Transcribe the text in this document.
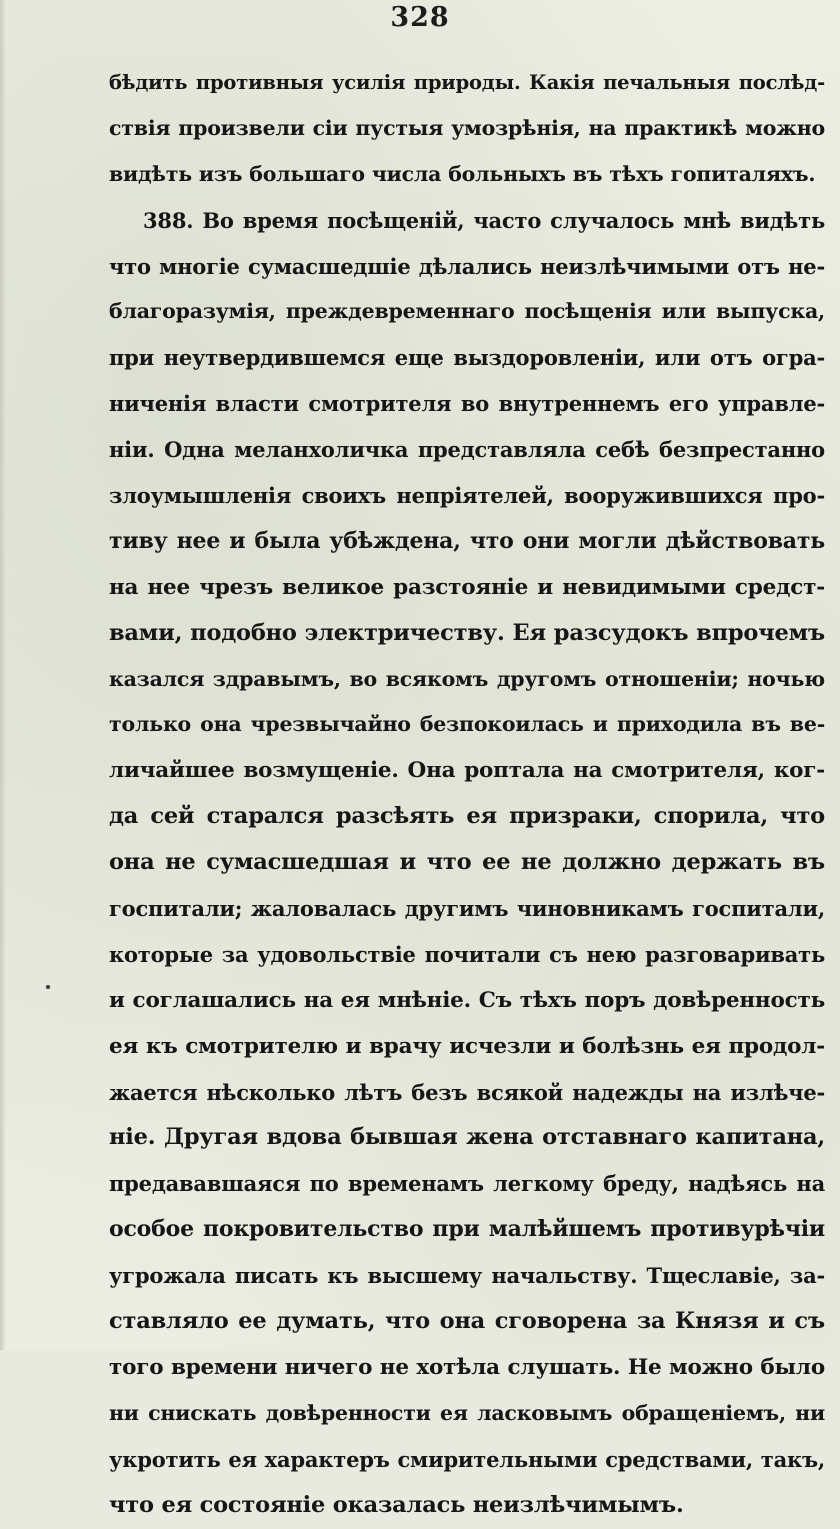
328
бѣдить противныя усилія природы. Какія печальныя послѣд-
ствія произвели сіи пустыя умозрѣнія, на практикѣ можно
видѣть изъ большаго числа больныхъ въ тѣхъ гопиталяхъ.
388. Во время посѣщеній, часто случалось мнѣ видѣть
что многіе сумасшедшіе дѣлались неизлѣчимыми отъ не-
благоразумія, преждевременнаго посѣщенія или выпуска,
при неутвердившемся еще выздоровленіи, или отъ огра-
ниченія власти смотрителя во внутреннемъ его управле-
ніи. Одна меланхоличка представляла себѣ безпрестанно
злоумышленія своихъ непріятелей, вооружившихся про-
тиву нее и была убѣждена, что они могли дѣйствовать
на нее чрезъ великое разстояніе и невидимыми средст-
вами, подобно электричеству. Ея разсудокъ впрочемъ
казался здравымъ, во всякомъ другомъ отношеніи; ночью
только она чрезвычайно безпокоилась и приходила въ ве-
личайшее возмущеніе. Она роптала на смотрителя, ког-
да сей старался разсѣять ея призраки, спорила, что
она не сумасшедшая и что ее не должно держать въ
госпитали; жаловалась другимъ чиновникамъ госпитали,
которые за удовольствіе почитали съ нею разговаривать
и соглашались на ея мнѣніе. Съ тѣхъ поръ довѣренность
ея къ смотрителю и врачу исчезли и болѣзнь ея продол-
жается нѣсколько лѣтъ безъ всякой надежды на излѣче-
ніе. Другая вдова бывшая жена отставнаго капитана,
предававшаяся по временамъ легкому бреду, надѣясь на
особое покровительство при малѣйшемъ противурѣчіи
угрожала писать къ высшему начальству. Тщеславіе, за-
ставляло ее думать, что она сговорена за Князя и съ
того времени ничего не хотѣла слушать. Не можно было
ни снискать довѣренности ея ласковымъ обращеніемъ, ни
укротить ея характеръ смирительными средствами, такъ,
что ея состояніе оказалась неизлѣчимымъ.
